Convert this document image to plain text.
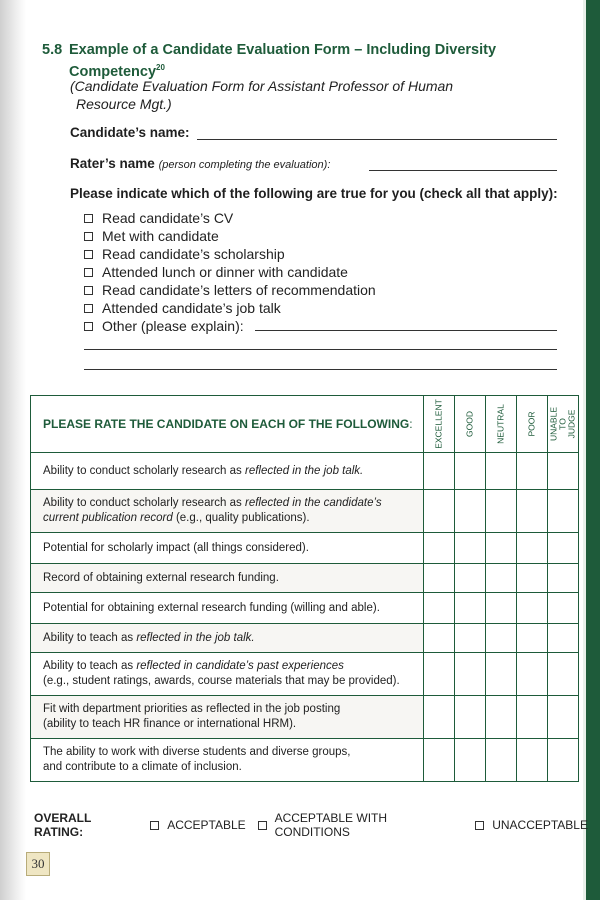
5.8 Example of a Candidate Evaluation Form – Including Diversity Competency$^{20}$
(Candidate Evaluation Form for Assistant Professor of Human
Resource Mgt.)
Candidate’s name:
Rater’s name (person completing the evaluation):
Please indicate which of the following are true for you (check all that apply):
Read candidate’s CV
Met with candidate
Read candidate’s scholarship
Attended lunch or dinner with candidate
Read candidate’s letters of recommendation
Attended candidate’s job talk
Other (please explain):
PLEASE RATE THE CANDIDATE ON EACH OF THE FOLLOWING:	EXCELLENT	GOOD	NEUTRAL	POOR	UNABLE TO JUDGE

Ability to conduct scholarly research as reflected in the job talk.					
Ability to conduct scholarly research as reflected in the candidate’s current publication record (e.g., quality publications).					
Potential for scholarly impact (all things considered).					
Record of obtaining external research funding.					
Potential for obtaining external research funding (willing and able).					
Ability to teach as reflected in the job talk.					
Ability to teach as reflected in candidate’s past experiences
(e.g., student ratings, awards, course materials that may be provided).					
Fit with department priorities as reflected in the job posting
(ability to teach HR finance or international HRM).					
The ability to work with diverse students and diverse groups,
and contribute to a climate of inclusion.					
OVERALL RATING:	ACCEPTABLE ACCEPTABLE WITH CONDITIONS	UNACCEPTABLE
30
